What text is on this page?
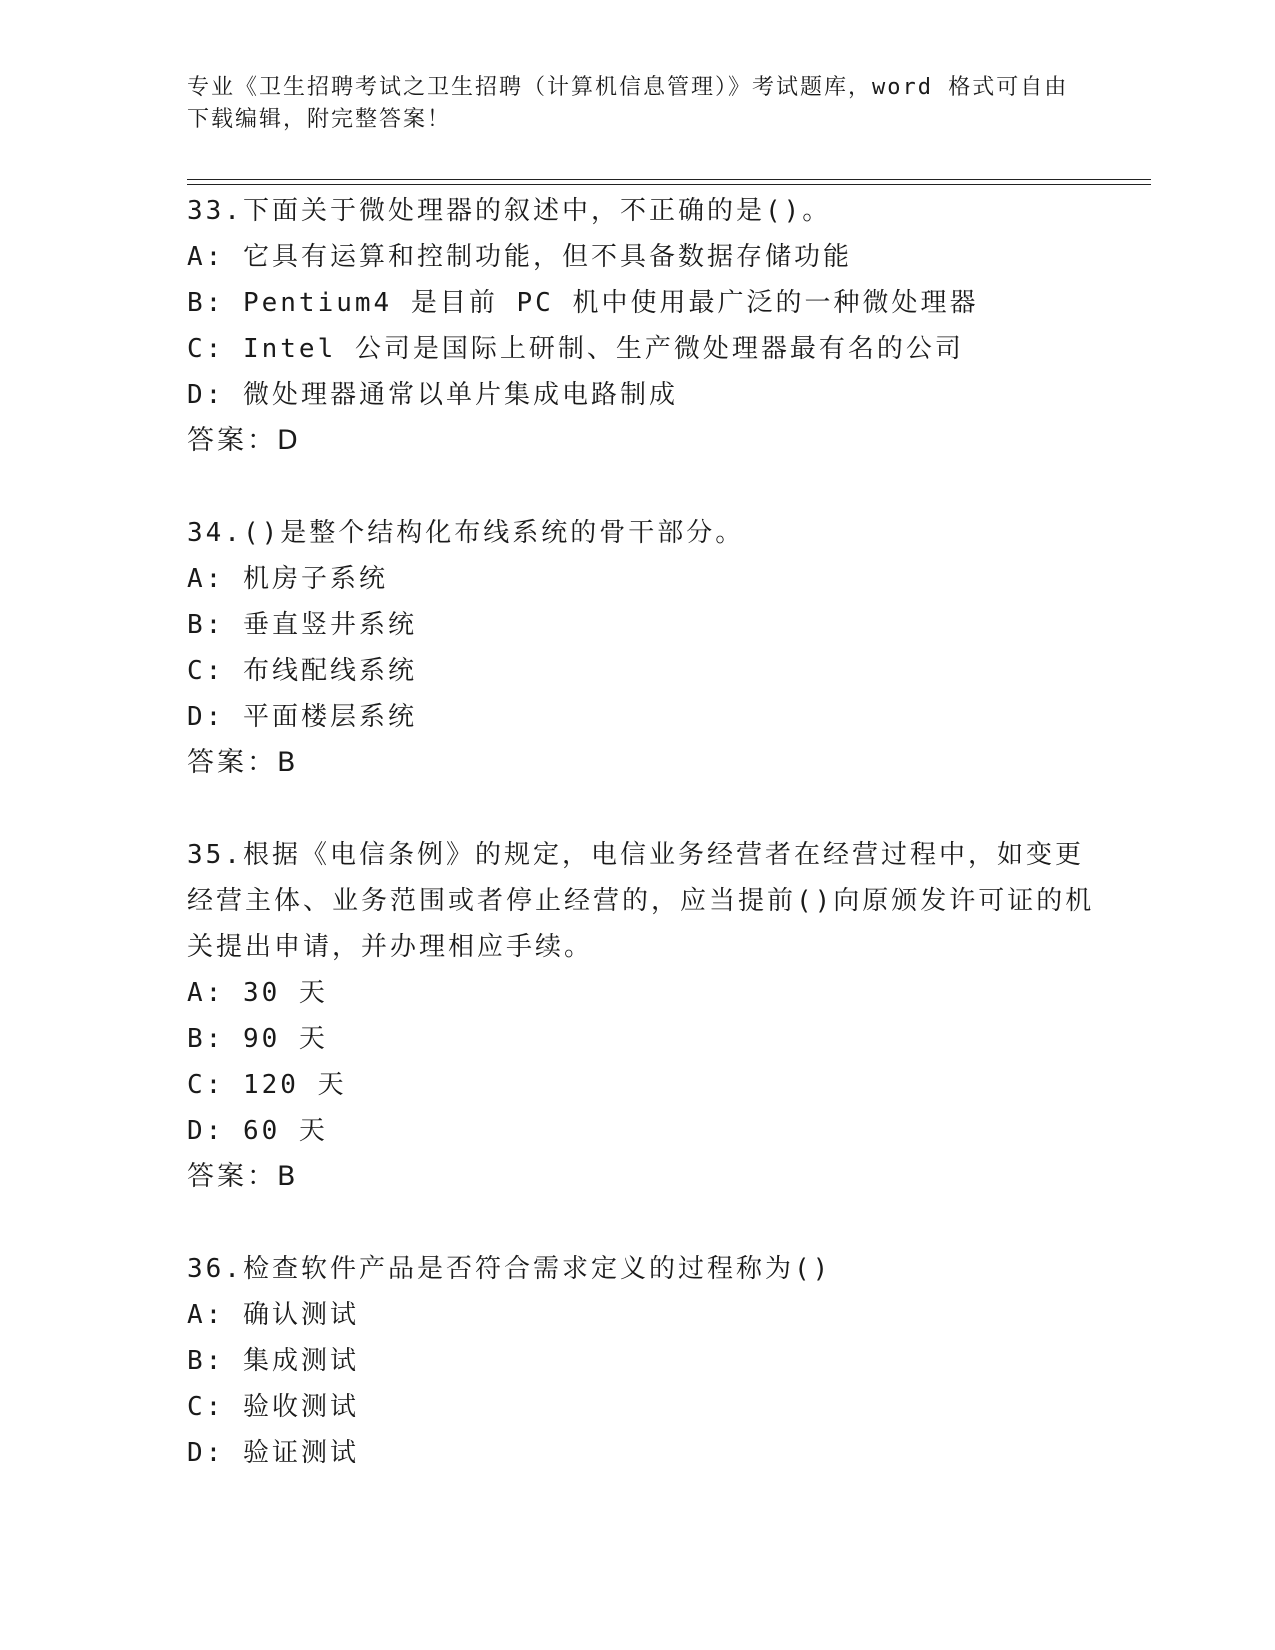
专业《卫生招聘考试之卫生招聘（计算机信息管理）》考试题库，word 格式可自由下载编辑，附完整答案！
33.下面关于微处理器的叙述中，不正确的是()。
A: 它具有运算和控制功能，但不具备数据存储功能
B: Pentium4 是目前 PC 机中使用最广泛的一种微处理器
C: Intel 公司是国际上研制、生产微处理器最有名的公司
D: 微处理器通常以单片集成电路制成
答案：D
34.()是整个结构化布线系统的骨干部分。
A: 机房子系统
B: 垂直竖井系统
C: 布线配线系统
D: 平面楼层系统
答案：B
35.根据《电信条例》的规定，电信业务经营者在经营过程中，如变更经营主体、业务范围或者停止经营的，应当提前()向原颁发许可证的机关提出申请，并办理相应手续。
A: 30 天
B: 90 天
C: 120 天
D: 60 天
答案：B
36.检查软件产品是否符合需求定义的过程称为()
A: 确认测试
B: 集成测试
C: 验收测试
D: 验证测试
